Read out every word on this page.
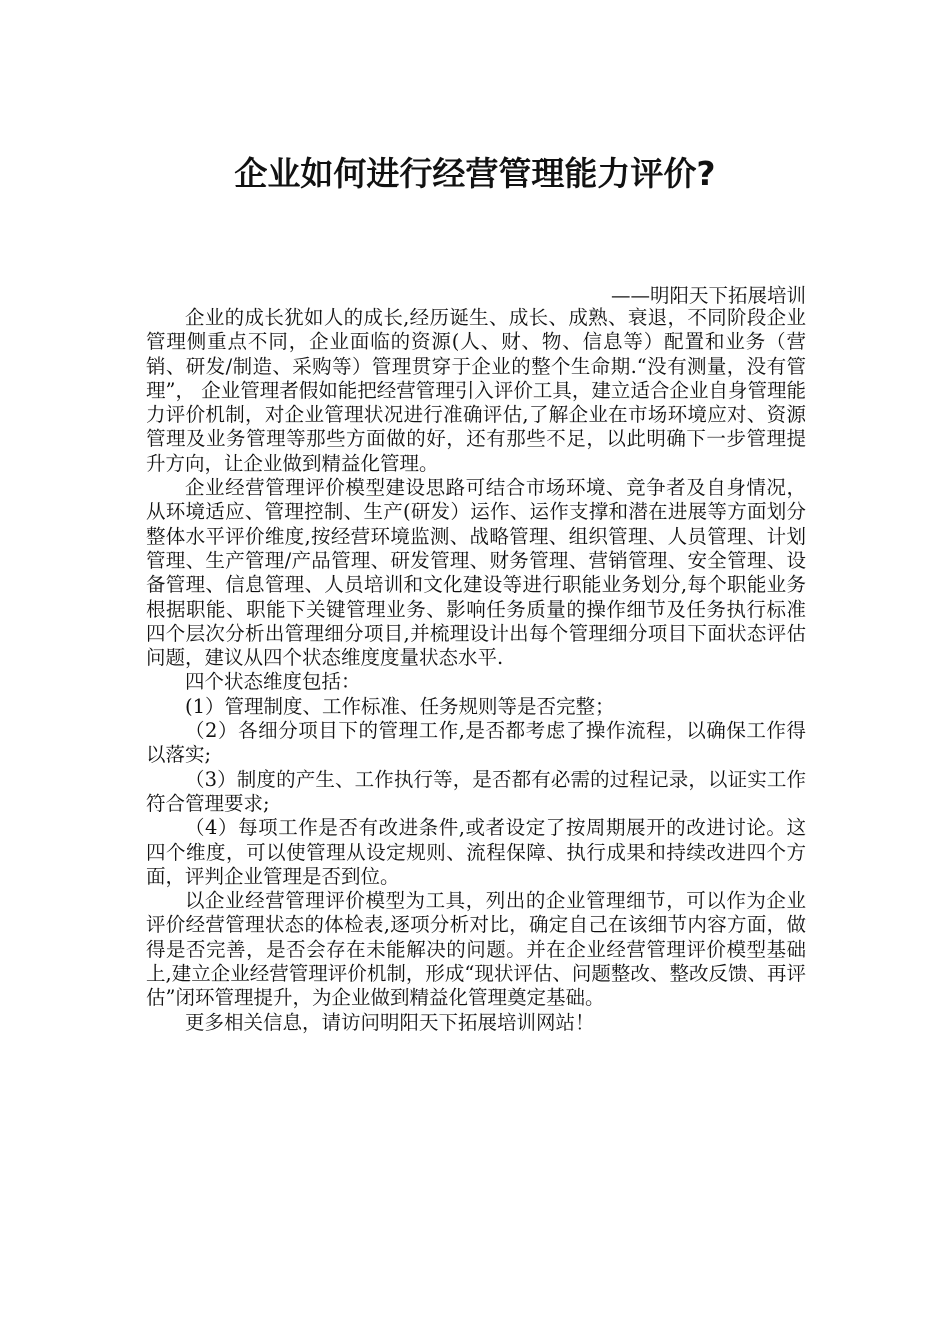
企业如何进行经营管理能力评价?

——明阳天下拓展培训

企业的成长犹如人的成长,经历诞生、成长、成熟、衰退，不同阶段企业管理侧重点不同，企业面临的资源(人、财、物、信息等）配置和业务（营销、研发/制造、采购等）管理贯穿于企业的整个生命期.“没有测量，没有管理”， 企业管理者假如能把经营管理引入评价工具，建立适合企业自身管理能力评价机制，对企业管理状况进行准确评估,了解企业在市场环境应对、资源管理及业务管理等那些方面做的好，还有那些不足，以此明确下一步管理提升方向，让企业做到精益化管理。

企业经营管理评价模型建设思路可结合市场环境、竞争者及自身情况，从环境适应、管理控制、生产(研发）运作、运作支撑和潜在进展等方面划分整体水平评价维度,按经营环境监测、战略管理、组织管理、人员管理、计划管理、生产管理/产品管理、研发管理、财务管理、营销管理、安全管理、设备管理、信息管理、人员培训和文化建设等进行职能业务划分,每个职能业务根据职能、职能下关键管理业务、影响任务质量的操作细节及任务执行标准四个层次分析出管理细分项目,并梳理设计出每个管理细分项目下面状态评估问题，建议从四个状态维度度量状态水平.

四个状态维度包括：

(1）管理制度、工作标准、任务规则等是否完整；

（2）各细分项目下的管理工作,是否都考虑了操作流程，以确保工作得以落实;

（3）制度的产生、工作执行等，是否都有必需的过程记录，以证实工作符合管理要求;

（4）每项工作是否有改进条件,或者设定了按周期展开的改进讨论。这四个维度，可以使管理从设定规则、流程保障、执行成果和持续改进四个方面，评判企业管理是否到位。

以企业经营管理评价模型为工具，列出的企业管理细节，可以作为企业评价经营管理状态的体检表,逐项分析对比，确定自己在该细节内容方面，做得是否完善，是否会存在未能解决的问题。并在企业经营管理评价模型基础上,建立企业经营管理评价机制，形成“现状评估、问题整改、整改反馈、再评估”闭环管理提升，为企业做到精益化管理奠定基础。

更多相关信息，请访问明阳天下拓展培训网站！
